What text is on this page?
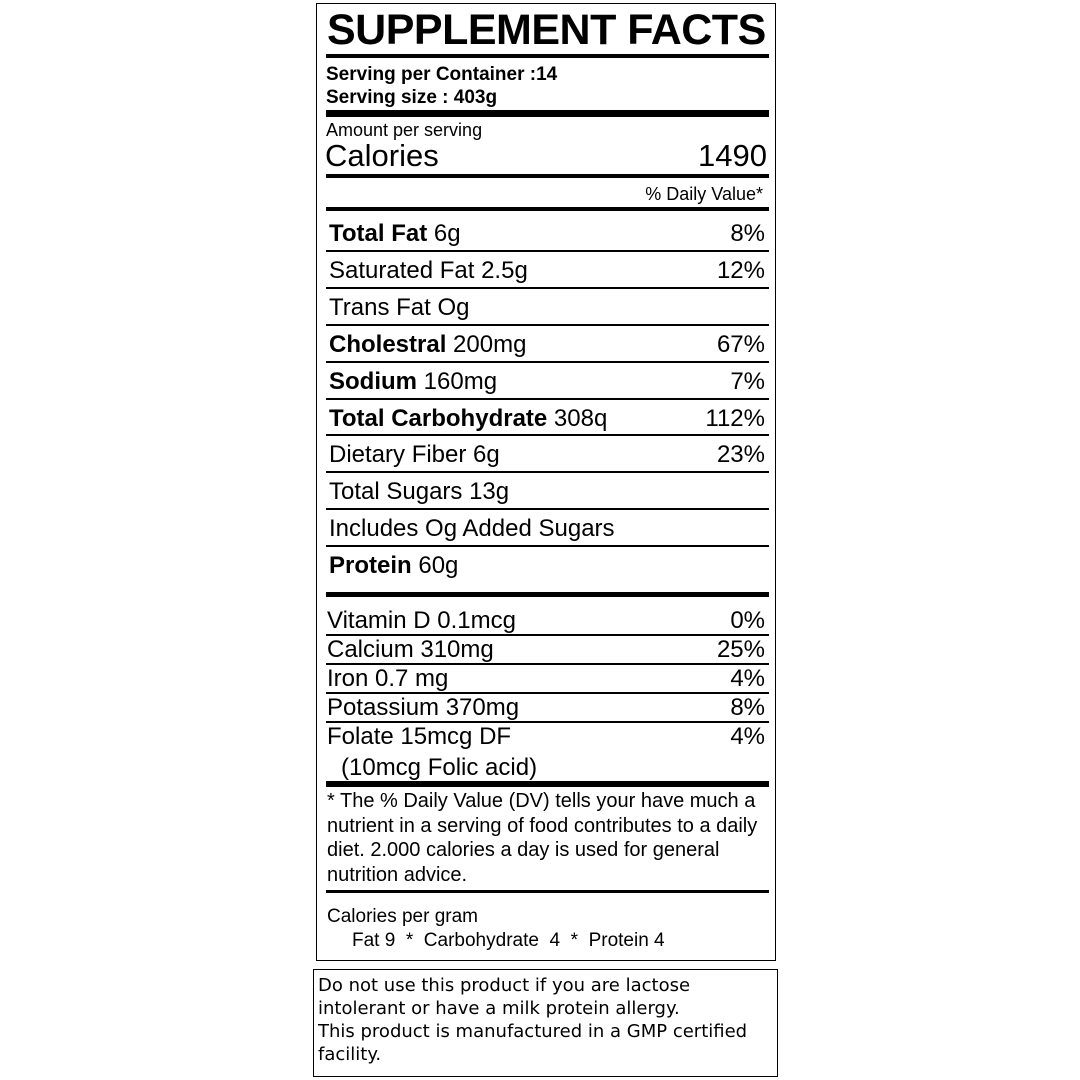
SUPPLEMENT FACTS
Serving per Container :14
Serving size : 403g
Amount per serving
Calories	1490
% Daily Value*
Total Fat 6g	8%
Saturated Fat 2.5g	12%
Trans Fat Og
Cholestral 200mg	67%
Sodium 160mg	7%
Total Carbohydrate 308q	112%
Dietary Fiber 6g	23%
Total Sugars 13g
Includes Og Added Sugars
Protein 60g
Vitamin D 0.1mcg	0%
Calcium 310mg	25%
Iron 0.7 mg	4%
Potassium 370mg	8%
Folate 15mcg DF	4%
(10mcg Folic acid)
* The % Daily Value (DV) tells your have much a nutrient in a serving of food contributes to a daily diet. 2.000 calories a day is used for general nutrition advice.
Calories per gram
Fat 9  *  Carbohydrate  4  *  Protein 4
Do not use this product if you are lactose intolerant or have a milk protein allergy.
This product is manufactured in a GMP certified facility.
